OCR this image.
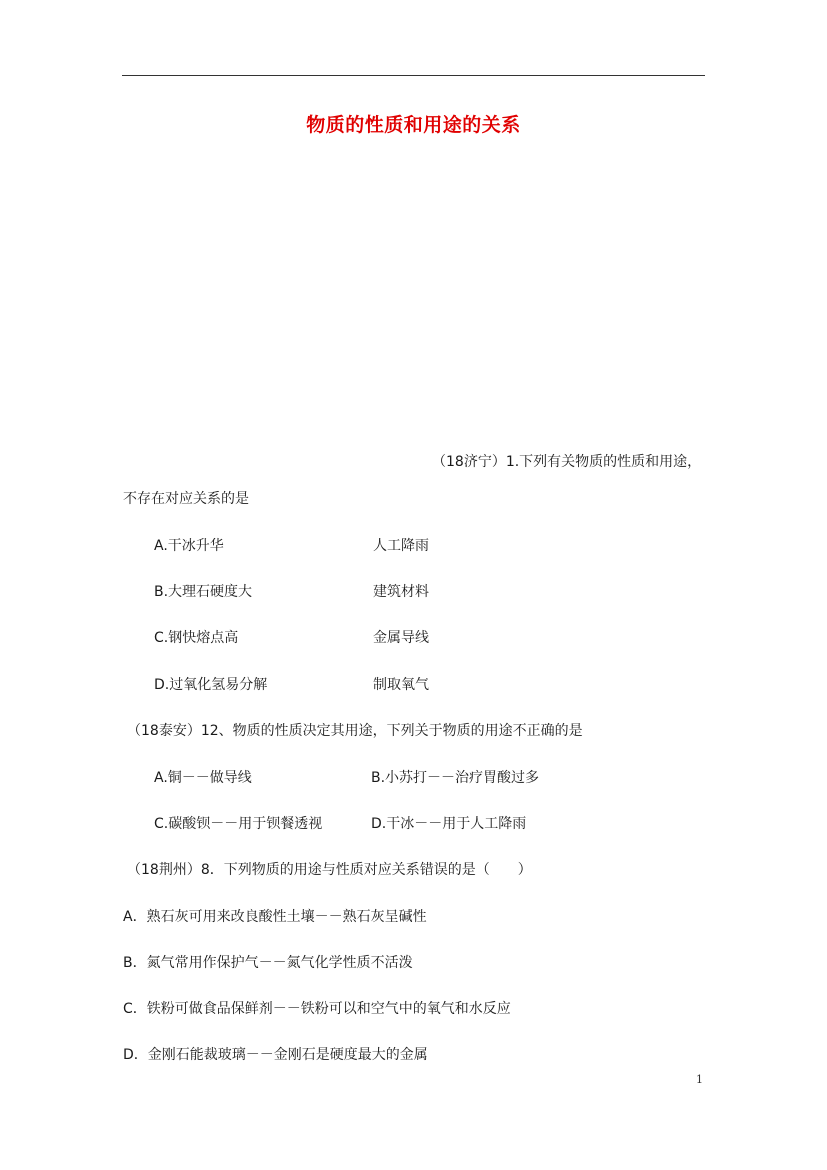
物质的性质和用途的关系
（18济宁）1.下列有关物质的性质和用途，
不存在对应关系的是
A.干冰升华	人工降雨
B.大理石硬度大	建筑材料
C.钢快熔点高	金属导线
D.过氧化氢易分解	制取氧气
（18泰安）12、物质的性质决定其用途，下列关于物质的用途不正确的是
A.铜－－做导线	B.小苏打－－治疗胃酸过多
C.碳酸钡－－用于钡餐透视	D.干冰－－用于人工降雨
（18荆州）8．下列物质的用途与性质对应关系错误的是（　　）
A．熟石灰可用来改良酸性土壤－－熟石灰呈碱性
B．氮气常用作保护气－－氮气化学性质不活泼
C．铁粉可做食品保鲜剂－－铁粉可以和空气中的氧气和水反应
D．金刚石能裁玻璃－－金刚石是硬度最大的金属
1
